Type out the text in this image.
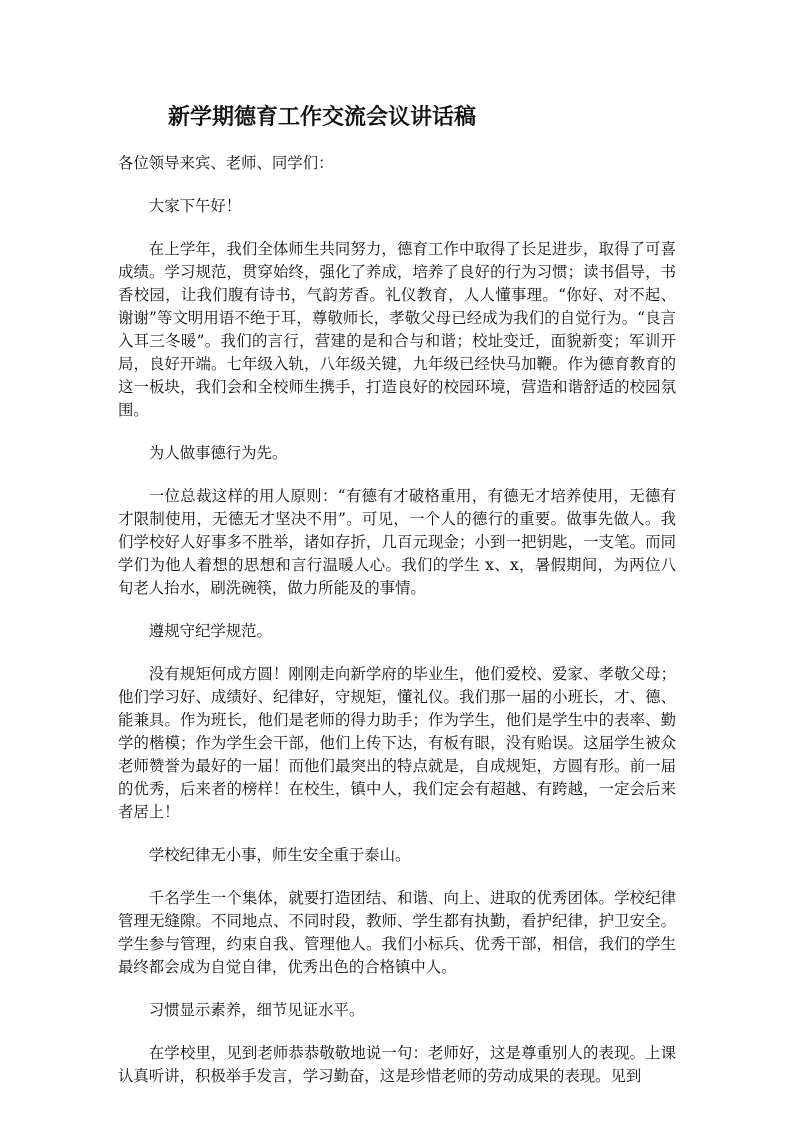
新学期德育工作交流会议讲话稿

各位领导来宾、老师、同学们：

大家下午好！

在上学年，我们全体师生共同努力，德育工作中取得了长足进步，取得了可喜成绩。学习规范，贯穿始终，强化了养成，培养了良好的行为习惯；读书倡导，书香校园，让我们腹有诗书，气韵芳香。礼仪教育，人人懂事理。“你好、对不起、谢谢”等文明用语不绝于耳，尊敬师长，孝敬父母已经成为我们的自觉行为。“良言入耳三冬暖”。我们的言行，营建的是和合与和谐；校址变迁，面貌新变；军训开局，良好开端。七年级入轨，八年级关键，九年级已经快马加鞭。作为德育教育的这一板块，我们会和全校师生携手，打造良好的校园环境，营造和谐舒适的校园氛围。

为人做事德行为先。

一位总裁这样的用人原则：“有德有才破格重用，有德无才培养使用，无德有才限制使用，无德无才坚决不用”。可见，一个人的德行的重要。做事先做人。我们学校好人好事多不胜举，诸如存折，几百元现金；小到一把钥匙，一支笔。而同学们为他人着想的思想和言行温暖人心。我们的学生 x、x，暑假期间，为两位八旬老人抬水，刷洗碗筷，做力所能及的事情。

遵规守纪学规范。

没有规矩何成方圆！刚刚走向新学府的毕业生，他们爱校、爱家、孝敬父母；他们学习好、成绩好、纪律好，守规矩，懂礼仪。我们那一届的小班长，才、德、能兼具。作为班长，他们是老师的得力助手；作为学生，他们是学生中的表率、勤学的楷模；作为学生会干部，他们上传下达，有板有眼，没有贻误。这届学生被众老师赞誉为最好的一届！而他们最突出的特点就是，自成规矩，方圆有形。前一届的优秀，后来者的榜样！在校生，镇中人，我们定会有超越、有跨越，一定会后来者居上！

学校纪律无小事，师生安全重于泰山。

千名学生一个集体，就要打造团结、和谐、向上、进取的优秀团体。学校纪律管理无缝隙。不同地点、不同时段，教师、学生都有执勤，看护纪律，护卫安全。学生参与管理，约束自我、管理他人。我们小标兵、优秀干部，相信，我们的学生最终都会成为自觉自律，优秀出色的合格镇中人。

习惯显示素养，细节见证水平。

在学校里，见到老师恭恭敬敬地说一句：老师好，这是尊重别人的表现。上课认真听讲，积极举手发言，学习勤奋，这是珍惜老师的劳动成果的表现。见到
